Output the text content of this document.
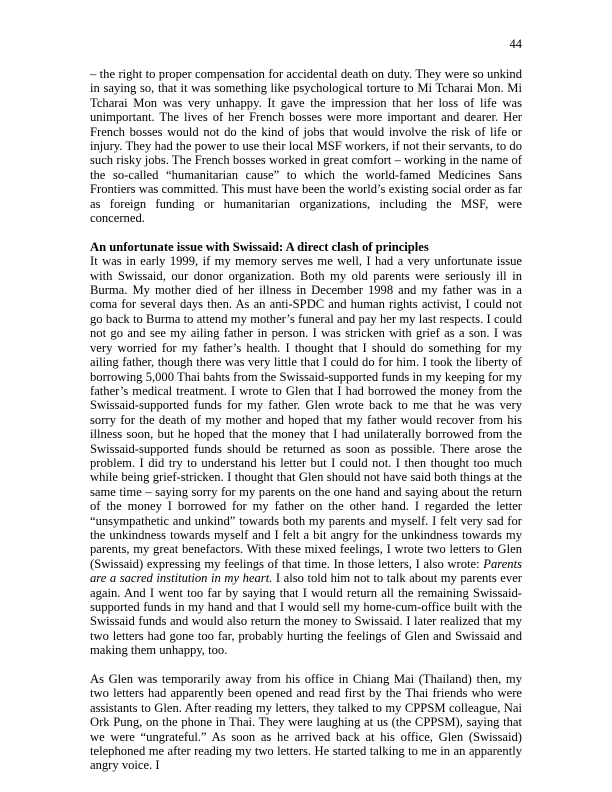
44

– the right to proper compensation for accidental death on duty. They were so unkind in saying so, that it was something like psychological torture to Mi Tcharai Mon. Mi Tcharai Mon was very unhappy. It gave the impression that her loss of life was unimportant. The lives of her French bosses were more important and dearer. Her French bosses would not do the kind of jobs that would involve the risk of life or injury. They had the power to use their local MSF workers, if not their servants, to do such risky jobs. The French bosses worked in great comfort – working in the name of the so-called “humanitarian cause” to which the world-famed Medicines Sans Frontiers was committed. This must have been the world’s existing social order as far as foreign funding or humanitarian organizations, including the MSF, were concerned.

An unfortunate issue with Swissaid: A direct clash of principles

It was in early 1999, if my memory serves me well, I had a very unfortunate issue with Swissaid, our donor organization. Both my old parents were seriously ill in Burma. My mother died of her illness in December 1998 and my father was in a coma for several days then. As an anti-SPDC and human rights activist, I could not go back to Burma to attend my mother’s funeral and pay her my last respects. I could not go and see my ailing father in person. I was stricken with grief as a son. I was very worried for my father’s health. I thought that I should do something for my ailing father, though there was very little that I could do for him. I took the liberty of borrowing 5,000 Thai bahts from the Swissaid-supported funds in my keeping for my father’s medical treatment. I wrote to Glen that I had borrowed the money from the Swissaid-supported funds for my father. Glen wrote back to me that he was very sorry for the death of my mother and hoped that my father would recover from his illness soon, but he hoped that the money that I had unilaterally borrowed from the Swissaid-supported funds should be returned as soon as possible. There arose the problem. I did try to understand his letter but I could not. I then thought too much while being grief-stricken. I thought that Glen should not have said both things at the same time – saying sorry for my parents on the one hand and saying about the return of the money I borrowed for my father on the other hand. I regarded the letter “unsympathetic and unkind” towards both my parents and myself. I felt very sad for the unkindness towards myself and I felt a bit angry for the unkindness towards my parents, my great benefactors. With these mixed feelings, I wrote two letters to Glen (Swissaid) expressing my feelings of that time. In those letters, I also wrote: Parents are a sacred institution in my heart. I also told him not to talk about my parents ever again. And I went too far by saying that I would return all the remaining Swissaid-supported funds in my hand and that I would sell my home-cum-office built with the Swissaid funds and would also return the money to Swissaid. I later realized that my two letters had gone too far, probably hurting the feelings of Glen and Swissaid and making them unhappy, too.

As Glen was temporarily away from his office in Chiang Mai (Thailand) then, my two letters had apparently been opened and read first by the Thai friends who were assistants to Glen. After reading my letters, they talked to my CPPSM colleague, Nai Ork Pung, on the phone in Thai. They were laughing at us (the CPPSM), saying that we were “ungrateful.” As soon as he arrived back at his office, Glen (Swissaid) telephoned me after reading my two letters. He started talking to me in an apparently angry voice. I
